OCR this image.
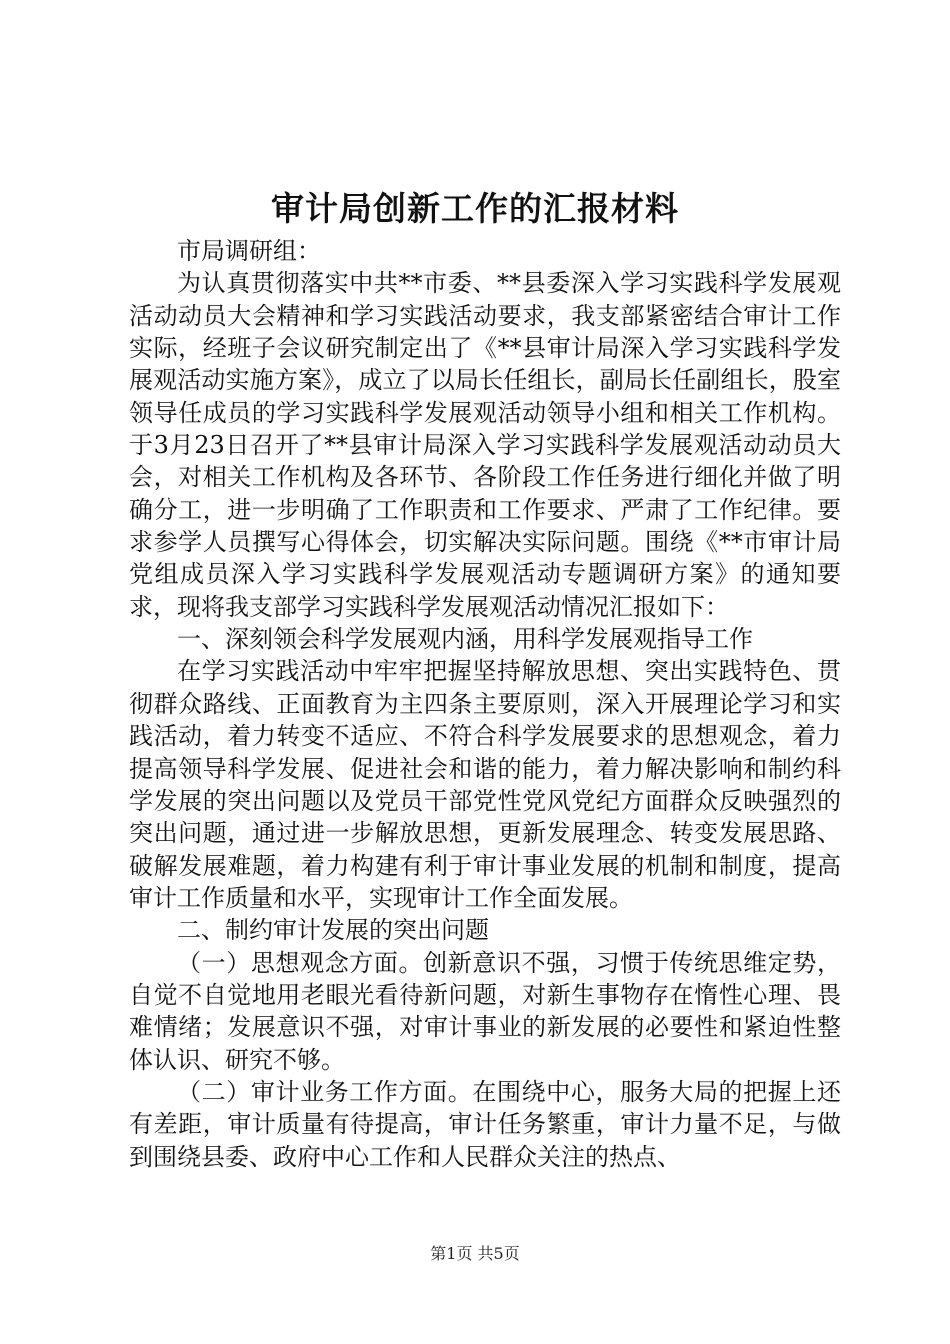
审计局创新工作的汇报材料

市局调研组：

为认真贯彻落实中共**市委、**县委深入学习实践科学发展观活动动员大会精神和学习实践活动要求，我支部紧密结合审计工作实际，经班子会议研究制定出了《**县审计局深入学习实践科学发展观活动实施方案》，成立了以局长任组长，副局长任副组长，股室领导任成员的学习实践科学发展观活动领导小组和相关工作机构。于3月23日召开了**县审计局深入学习实践科学发展观活动动员大会，对相关工作机构及各环节、各阶段工作任务进行细化并做了明确分工，进一步明确了工作职责和工作要求、严肃了工作纪律。要求参学人员撰写心得体会，切实解决实际问题。围绕《**市审计局党组成员深入学习实践科学发展观活动专题调研方案》的通知要求，现将我支部学习实践科学发展观活动情况汇报如下：

一、深刻领会科学发展观内涵，用科学发展观指导工作

在学习实践活动中牢牢把握坚持解放思想、突出实践特色、贯彻群众路线、正面教育为主四条主要原则，深入开展理论学习和实践活动，着力转变不适应、不符合科学发展要求的思想观念，着力提高领导科学发展、促进社会和谐的能力，着力解决影响和制约科学发展的突出问题以及党员干部党性党风党纪方面群众反映强烈的突出问题，通过进一步解放思想，更新发展理念、转变发展思路、破解发展难题，着力构建有利于审计事业发展的机制和制度，提高审计工作质量和水平，实现审计工作全面发展。

二、制约审计发展的突出问题

（一）思想观念方面。创新意识不强，习惯于传统思维定势，自觉不自觉地用老眼光看待新问题，对新生事物存在惰性心理、畏难情绪；发展意识不强，对审计事业的新发展的必要性和紧迫性整体认识、研究不够。

（二）审计业务工作方面。在围绕中心，服务大局的把握上还有差距，审计质量有待提高，审计任务繁重，审计力量不足，与做到围绕县委、政府中心工作和人民群众关注的热点、

第1页 共5页
